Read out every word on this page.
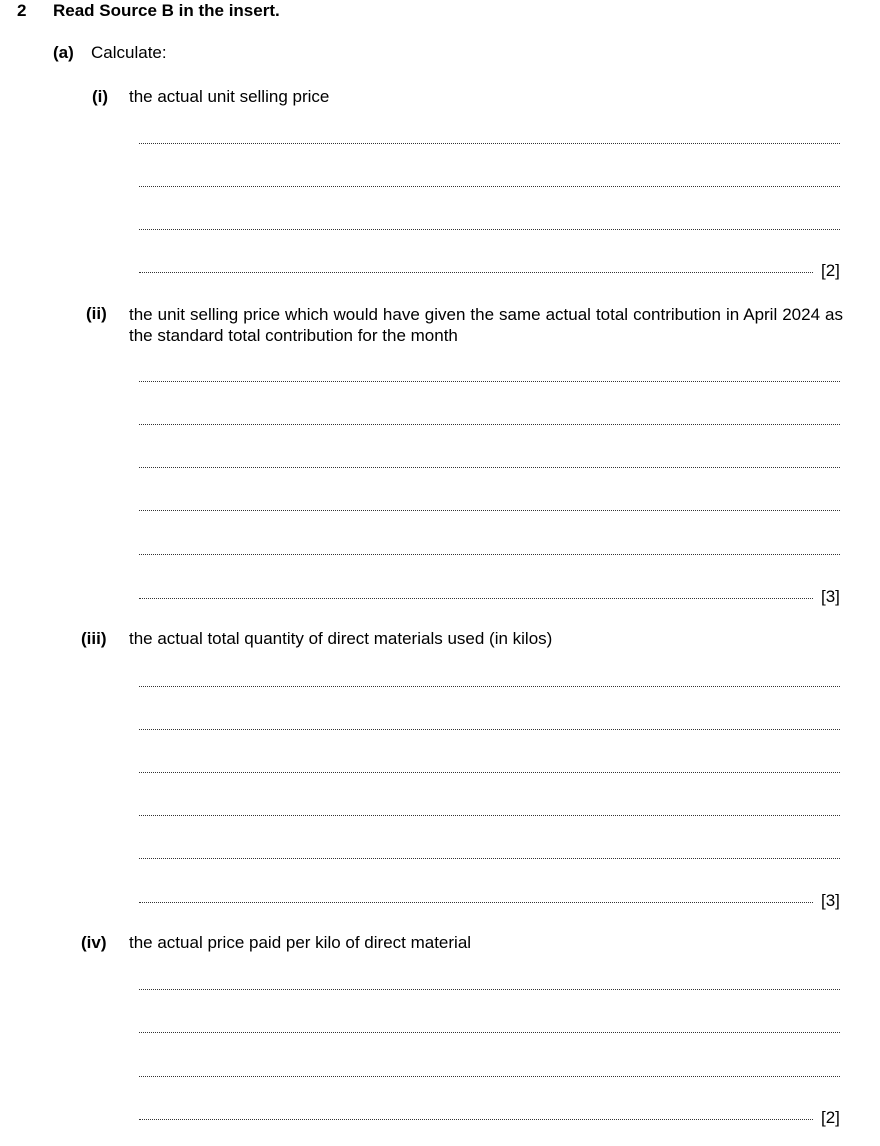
2 Read Source B in the insert.
(a) Calculate:
(i) the actual unit selling price
[2]
(ii) the unit selling price which would have given the same actual total contribution in April 2024 as the standard total contribution for the month
[3]
(iii) the actual total quantity of direct materials used (in kilos)
[3]
(iv) the actual price paid per kilo of direct material
[2]
